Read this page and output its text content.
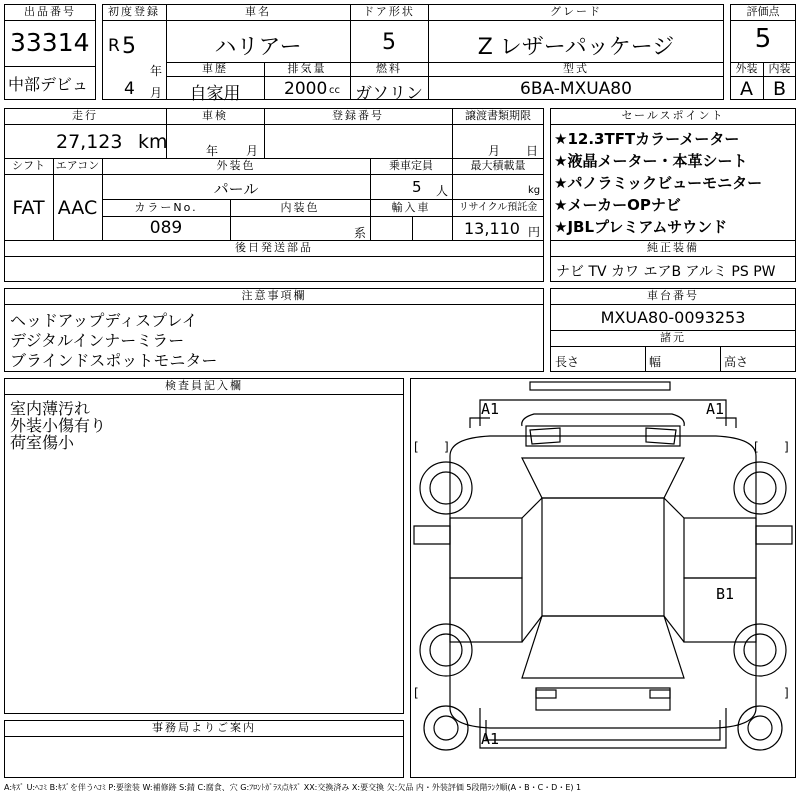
出品番号
33314
中部デビュ
初度登録
R 5
年
4 月
車名
ハリアー
ドア形状
5
グレード
Z レザーパッケージ
車歴
自家用
排気量
2000 cc
燃料
ガソリン
型式
6BA-MXUA80
評価点
5
外装	内装
A	B
走行
27,123 km
車検
年 月
登録番号	譲渡書類期限
月 日
シフト エアコン
FAT AAC
外装色
パール
乗車定員
5 人
最大積載量
kg
カラーNo.
089
内装色
系
輸入車	リサイクル預託金
13,110 円
後日発送部品
セールスポイント
★12.3TFTカラーメーター
★液晶メーター・本革シート
★パノラミックビューモニター
★メーカーOPナビ
★JBLプレミアムサウンド
純正装備
ナビ TV カワ エアB アルミ PS PW
注意事項欄
ヘッドアップディスプレイ
デジタルインナーミラー
ブラインドスポットモニター
車台番号
MXUA80-0093253
諸元
長さ	幅	高さ
検査員記入欄
室内薄汚れ
外装小傷有り
荷室傷小
事務局よりご案内
A1	A1
B1
A1
[ ]	[ ]
[	]
A:ｷｽﾞ U:ﾍｺﾐ B:ｷｽﾞを伴うﾍｺﾐ P:要塗装 W:補修跡 S:錆 C:腐食、穴 G:ﾌﾛﾝﾄｶﾞﾗｽ点ｷｽﾞ XX:交換済み X:要交換 欠:欠品 内・外装評価 5段階ﾗﾝｸ順(A・B・C・D・E) 1
